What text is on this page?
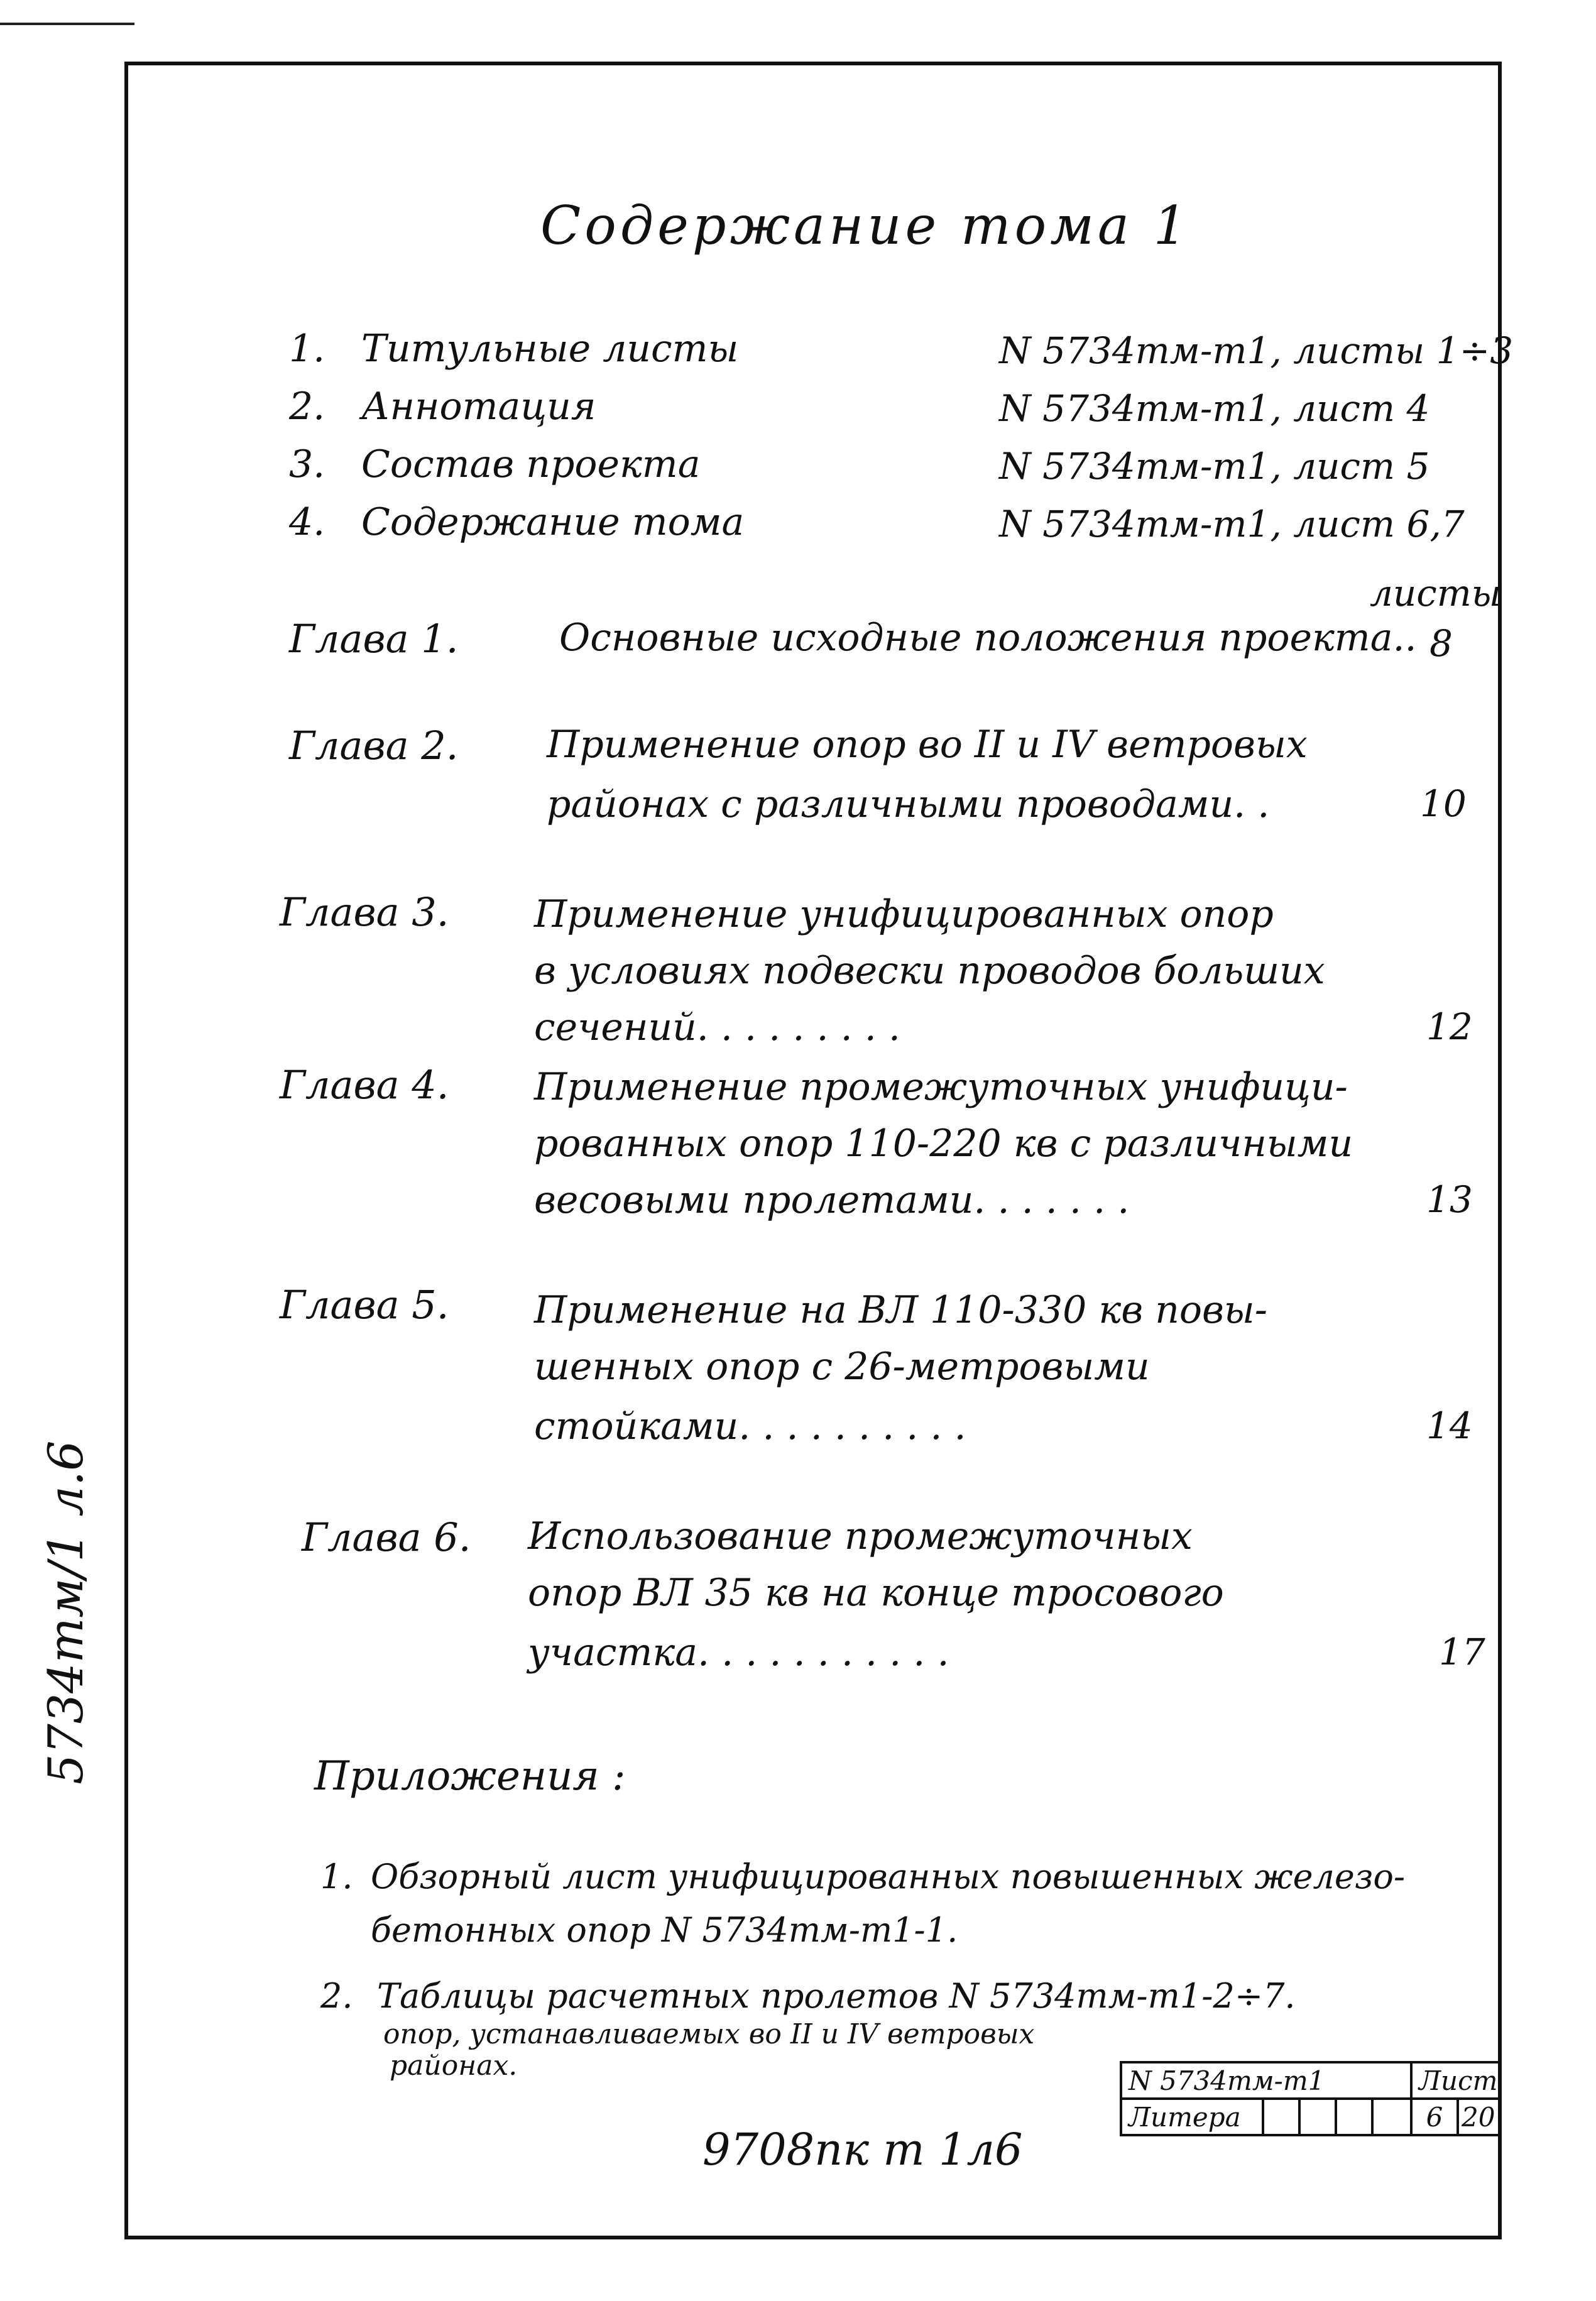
Содержание тома 1
1. Титульные листы	N 5734тм-т1, листы 1÷3
2. Аннотация	N 5734тм-т1, лист 4
3. Состав проекта	N 5734тм-т1, лист 5
4. Содержание тома	N 5734тм-т1, лист 6,7
листы
Глава 1.	Основные исходные положения проекта.. 8
Глава 2. Применение опор во II и IV ветровых
районах с различными проводами. .	10
Глава 3. Применение унифицированных опор
в условиях подвески проводов больших
сечений. . . . . . . . .	12
Глава 4. Применение промежуточных унифици-
рованных опор 110-220 кв с различными
весовыми пролетами. . . . . . .	13
Глава 5. Применение на ВЛ 110-330 кв повы-
шенных опор с 26-метровыми
стойками. . . . . . . . . .	14
Глава 6. Использование промежуточных
опор ВЛ 35 кв на конце тросового
участка. . . . . . . . . . .	17
Приложения :
1. Обзорный лист унифицированных повышенных железо-
бетонных опор N 5734тм-т1-1.
2. Таблицы расчетных пролетов N 5734тм-т1-2÷7.
опор, устанавливаемых во II и IV ветровых
районах.
5734тм/1 л.6
9708пк т 1л6
N 5734тм-т1	Лист
Литера	6 20
